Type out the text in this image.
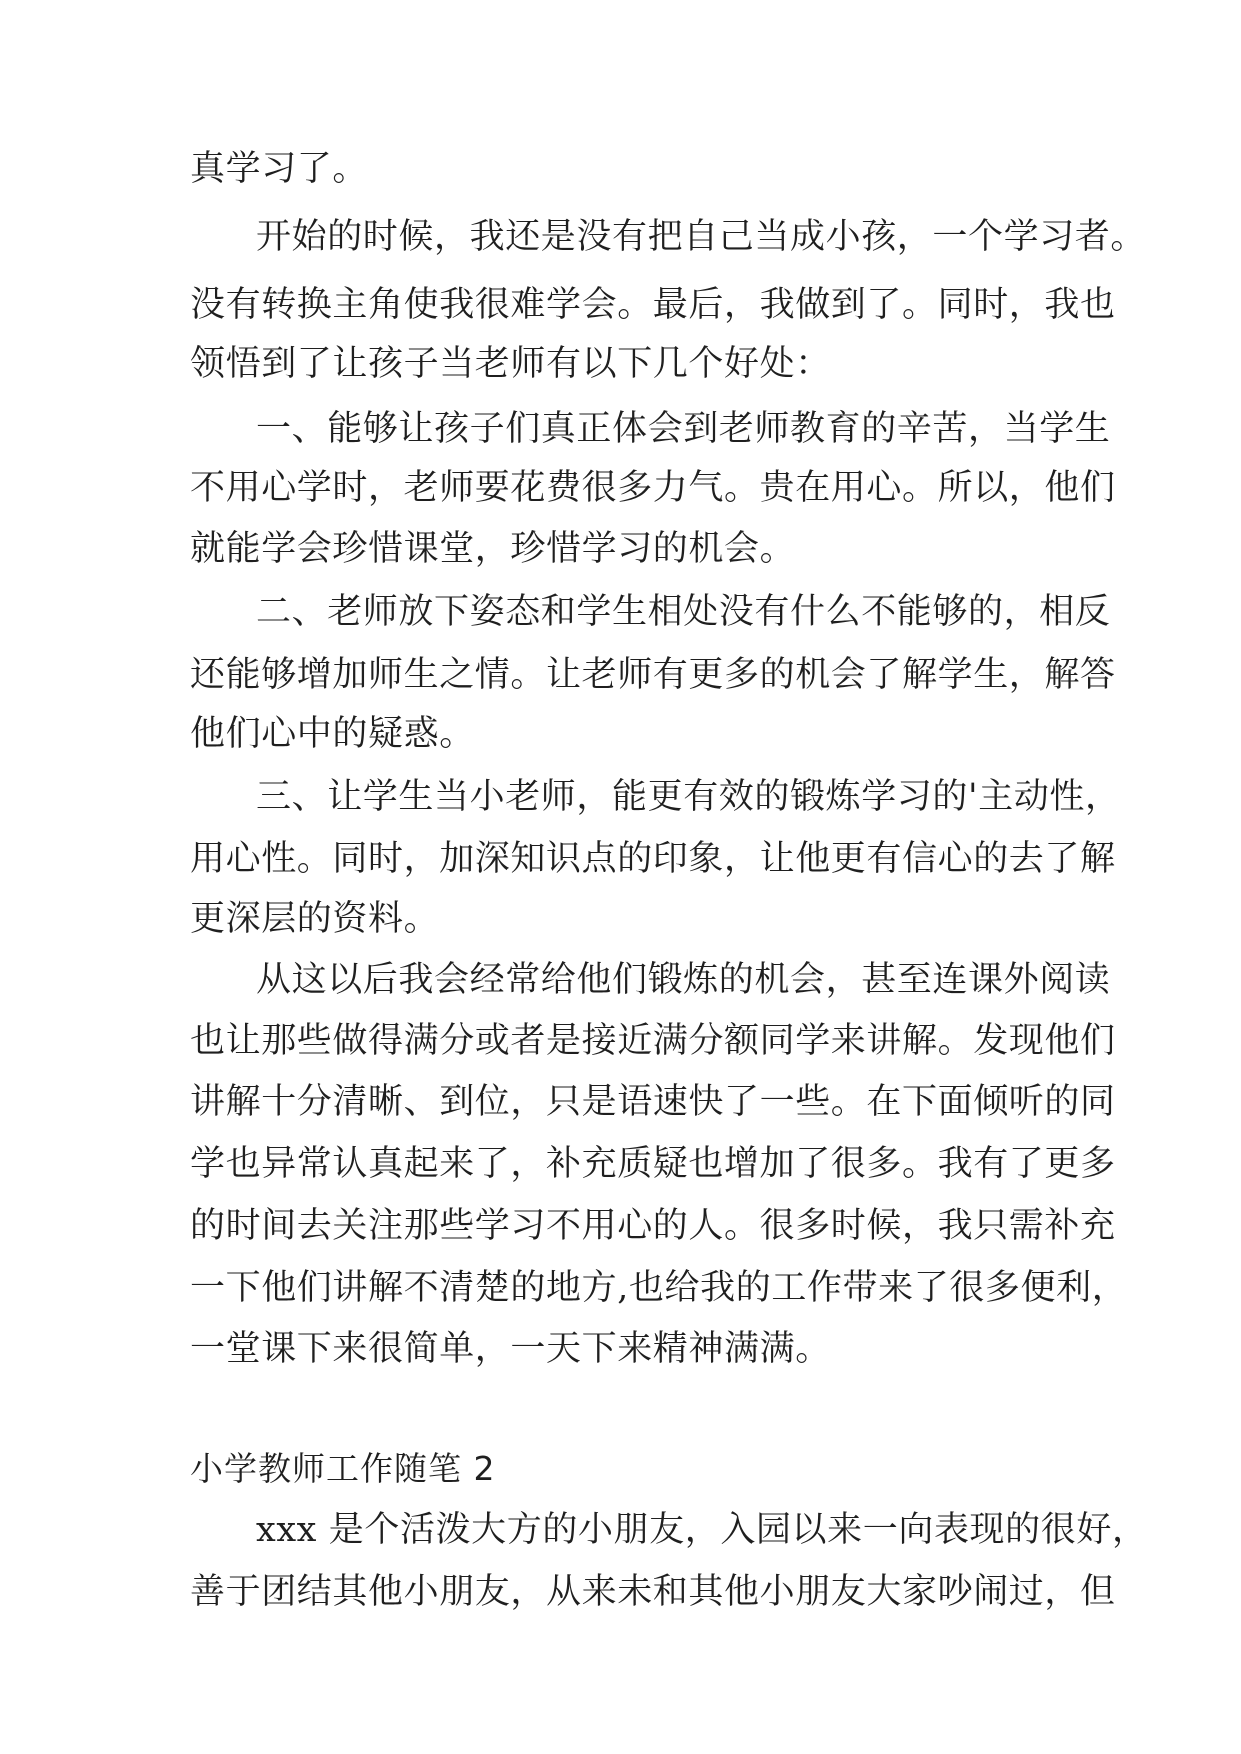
真学习了。
开始的时候，我还是没有把自己当成小孩，一个学习者。
没有转换主角使我很难学会。最后，我做到了。同时，我也
领悟到了让孩子当老师有以下几个好处：
一、能够让孩子们真正体会到老师教育的辛苦，当学生
不用心学时，老师要花费很多力气。贵在用心。所以，他们
就能学会珍惜课堂，珍惜学习的机会。
二、老师放下姿态和学生相处没有什么不能够的，相反
还能够增加师生之情。让老师有更多的机会了解学生，解答
他们心中的疑惑。
三、让学生当小老师，能更有效的锻炼学习的'主动性，
用心性。同时，加深知识点的印象，让他更有信心的去了解
更深层的资料。
从这以后我会经常给他们锻炼的机会，甚至连课外阅读
也让那些做得满分或者是接近满分额同学来讲解。发现他们
讲解十分清晰、到位，只是语速快了一些。在下面倾听的同
学也异常认真起来了，补充质疑也增加了很多。我有了更多
的时间去关注那些学习不用心的人。很多时候，我只需补充
一下他们讲解不清楚的地方,也给我的工作带来了很多便利，
一堂课下来很简单，一天下来精神满满。
小学教师工作随笔 2
xxx 是个活泼大方的小朋友，入园以来一向表现的很好，
善于团结其他小朋友，从来未和其他小朋友大家吵闹过，但
